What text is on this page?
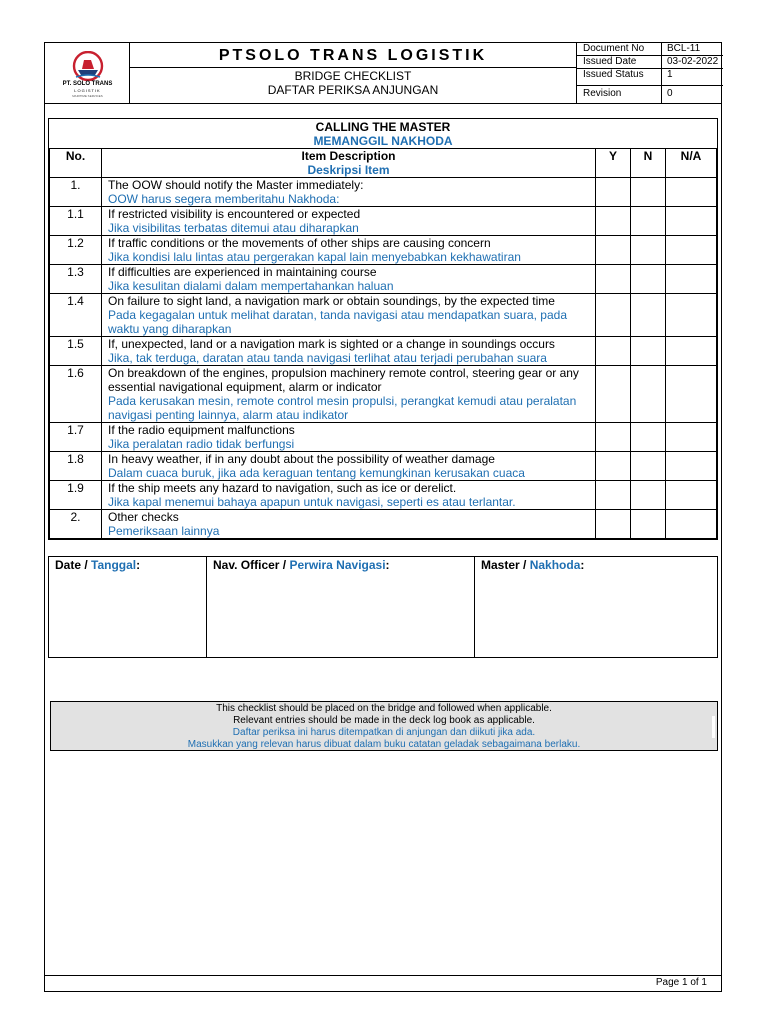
PT. SOLO TRANS
LOGISTIK
MARITIME SERVICES
PTSOLO TRANS LOGISTIK
BRIDGE CHECKLIST
DAFTAR PERIKSA ANJUNGAN
Document No BCL-11
Issued Date	03-02-2022
Issued Status 1
Revision	0
CALLING THE MASTER
MEMANGGIL NAKHODA				

No.	Item Description
Deskripsi Item	Y	N	N/A
1.	The OOW should notify the Master immediately:
OOW harus segera memberitahu Nakhoda:			

1.1	If restricted visibility is encountered or expected
Jika visibilitas terbatas ditemui atau diharapkan			

1.2	If traffic conditions or the movements of other ships are causing concern
Jika kondisi lalu lintas atau pergerakan kapal lain menyebabkan kekhawatiran			

1.3	If difficulties are experienced in maintaining course
Jika kesulitan dialami dalam mempertahankan haluan			

1.4	On failure to sight land, a navigation mark or obtain soundings, by the expected time
Pada kegagalan untuk melihat daratan, tanda navigasi atau mendapatkan suara, pada waktu yang diharapkan			

1.5	If, unexpected, land or a navigation mark is sighted or a change in soundings occurs
Jika, tak terduga, daratan atau tanda navigasi terlihat atau terjadi perubahan suara			

1.6	On breakdown of the engines, propulsion machinery remote control, steering gear or any essential navigational equipment, alarm or indicator
Pada kerusakan mesin, remote control mesin propulsi, perangkat kemudi atau peralatan navigasi penting lainnya, alarm atau indikator			

1.7	If the radio equipment malfunctions
Jika peralatan radio tidak berfungsi			

1.8	In heavy weather, if in any doubt about the possibility of weather damage
Dalam cuaca buruk, jika ada keraguan tentang kemungkinan kerusakan cuaca			

1.9	If the ship meets any hazard to navigation, such as ice or derelict.
Jika kapal menemui bahaya apapun untuk navigasi, seperti es atau terlantar.			

2.	Other checks
Pemeriksaan lainnya			

Date / Tanggal:	Nav. Officer / Perwira Navigasi:	Master / Nakhoda:
This checklist should be placed on the bridge and followed when applicable.
Relevant entries should be made in the deck log book as applicable.
Daftar periksa ini harus ditempatkan di anjungan dan diikuti jika ada.
Masukkan yang relevan harus dibuat dalam buku catatan geladak sebagaimana berlaku.
Page 1 of 1
